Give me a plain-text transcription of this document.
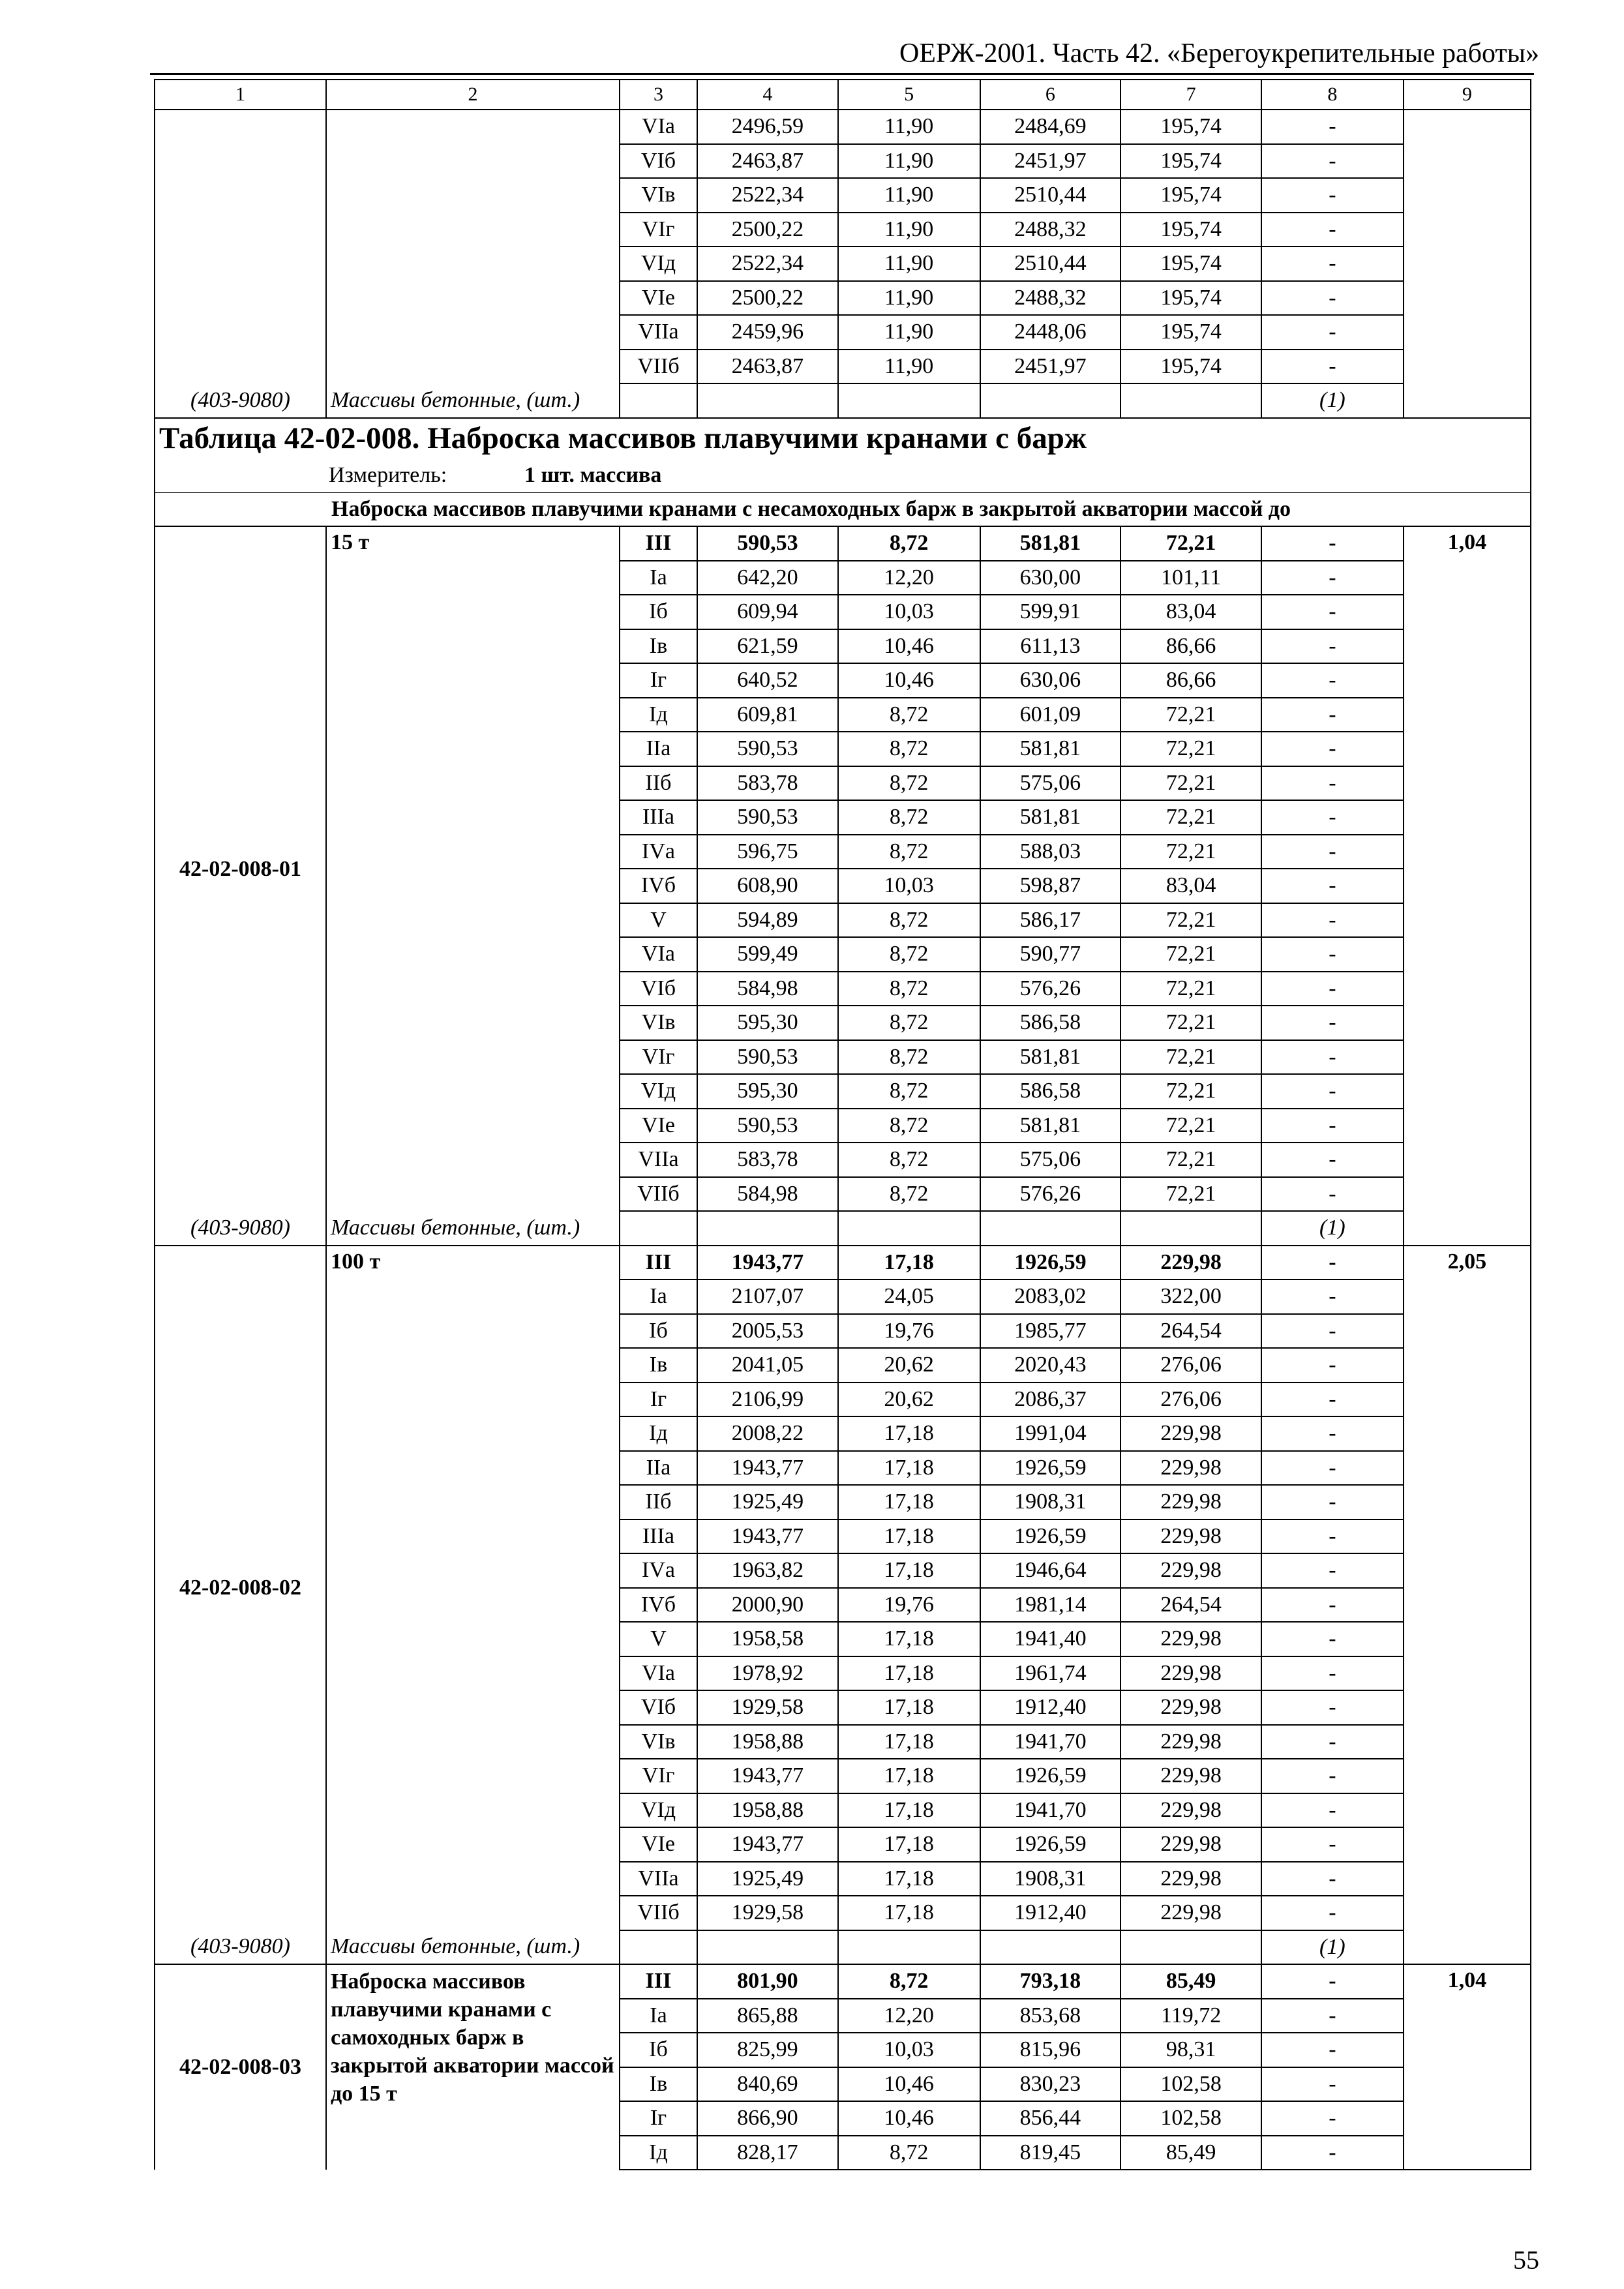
ОЕРЖ-2001. Часть 42. «Берегоукрепительные работы»
1	2	3	4	5	6	7	8	9
		VIа	2496,59	11,90	2484,69	195,74	-	
		VIб	2463,87	11,90	2451,97	195,74	-	
		VIв	2522,34	11,90	2510,44	195,74	-	
		VIг	2500,22	11,90	2488,32	195,74	-	
		VIд	2522,34	11,90	2510,44	195,74	-	
		VIе	2500,22	11,90	2488,32	195,74	-	
		VIIа	2459,96	11,90	2448,06	195,74	-	
		VIIб	2463,87	11,90	2451,97	195,74	-	
(403-9080)	Массивы бетонные, (шт.)						(1)	

Таблица 42-02-008. Наброска массивов плавучими кранами с барж
Измеритель: 1 шт. массива								
Наброска массивов плавучими кранами с несамоходных барж в закрытой акватории массой до								
42-02-008-01	15 т	III	590,53	8,72	581,81	72,21	-	1,04
		Iа	642,20	12,20	630,00	101,11	-	
		Iб	609,94	10,03	599,91	83,04	-	
		Iв	621,59	10,46	611,13	86,66	-	
		Iг	640,52	10,46	630,06	86,66	-	
		Iд	609,81	8,72	601,09	72,21	-	
		IIа	590,53	8,72	581,81	72,21	-	
		IIб	583,78	8,72	575,06	72,21	-	
		IIIа	590,53	8,72	581,81	72,21	-	
		IVа	596,75	8,72	588,03	72,21	-	
		IVб	608,90	10,03	598,87	83,04	-	
		V	594,89	8,72	586,17	72,21	-	
		VIа	599,49	8,72	590,77	72,21	-	
		VIб	584,98	8,72	576,26	72,21	-	
		VIв	595,30	8,72	586,58	72,21	-	
		VIг	590,53	8,72	581,81	72,21	-	
		VIд	595,30	8,72	586,58	72,21	-	
		VIе	590,53	8,72	581,81	72,21	-	
		VIIа	583,78	8,72	575,06	72,21	-	
		VIIб	584,98	8,72	576,26	72,21	-	
(403-9080)	Массивы бетонные, (шт.)						(1)	
42-02-008-02	100 т	III	1943,77	17,18	1926,59	229,98	-	2,05
		Iа	2107,07	24,05	2083,02	322,00	-	
		Iб	2005,53	19,76	1985,77	264,54	-	
		Iв	2041,05	20,62	2020,43	276,06	-	
		Iг	2106,99	20,62	2086,37	276,06	-	
		Iд	2008,22	17,18	1991,04	229,98	-	
		IIа	1943,77	17,18	1926,59	229,98	-	
		IIб	1925,49	17,18	1908,31	229,98	-	
		IIIа	1943,77	17,18	1926,59	229,98	-	
		IVа	1963,82	17,18	1946,64	229,98	-	
		IVб	2000,90	19,76	1981,14	264,54	-	
		V	1958,58	17,18	1941,40	229,98	-	
		VIа	1978,92	17,18	1961,74	229,98	-	
		VIб	1929,58	17,18	1912,40	229,98	-	
		VIв	1958,88	17,18	1941,70	229,98	-	
		VIг	1943,77	17,18	1926,59	229,98	-	
		VIд	1958,88	17,18	1941,70	229,98	-	
		VIе	1943,77	17,18	1926,59	229,98	-	
		VIIа	1925,49	17,18	1908,31	229,98	-	
		VIIб	1929,58	17,18	1912,40	229,98	-	
(403-9080)	Массивы бетонные, (шт.)						(1)	
42-02-008-03	Наброска массивов плавучими кранами с самоходных барж в закрытой акватории массой до 15 т	III	801,90	8,72	793,18	85,49	-	1,04
		Iа	865,88	12,20	853,68	119,72	-	
		Iб	825,99	10,03	815,96	98,31	-	
		Iв	840,69	10,46	830,23	102,58	-	
		Iг	866,90	10,46	856,44	102,58	-	
		Iд	828,17	8,72	819,45	85,49	-	
55
